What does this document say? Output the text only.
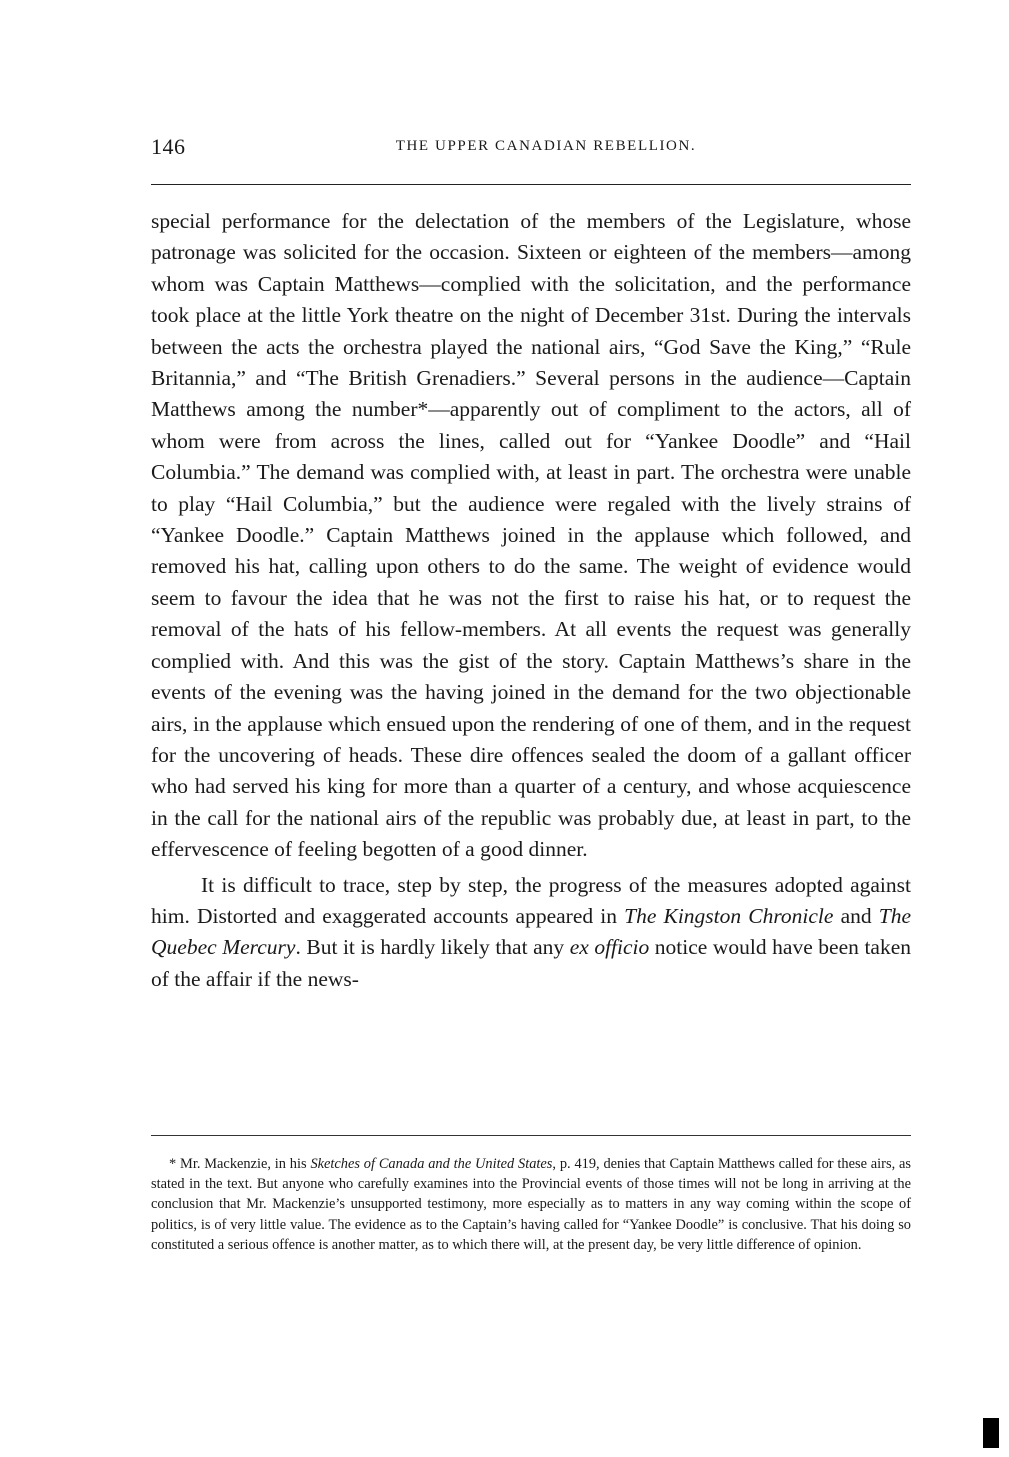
146	THE UPPER CANADIAN REBELLION.

special performance for the delectation of the members of the Legislature, whose patronage was solicited for the occasion. Sixteen or eighteen of the members—among whom was Captain Matthews—complied with the solicitation, and the performance took place at the little York theatre on the night of December 31st. During the intervals between the acts the orchestra played the national airs, “God Save the King,” “Rule Britannia,” and “The British Grenadiers.” Several persons in the audience—Captain Matthews among the number*—apparently out of compliment to the actors, all of whom were from across the lines, called out for “Yankee Doodle” and “Hail Columbia.” The demand was complied with, at least in part. The orchestra were unable to play “Hail Columbia,” but the audience were regaled with the lively strains of “Yankee Doodle.” Captain Matthews joined in the applause which followed, and removed his hat, calling upon others to do the same. The weight of evidence would seem to favour the idea that he was not the first to raise his hat, or to request the removal of the hats of his fellow-members. At all events the request was generally complied with. And this was the gist of the story. Captain Matthews’s share in the events of the evening was the having joined in the demand for the two objectionable airs, in the applause which ensued upon the rendering of one of them, and in the request for the uncovering of heads. These dire offences sealed the doom of a gallant officer who had served his king for more than a quarter of a century, and whose acquiescence in the call for the national airs of the republic was probably due, at least in part, to the effervescence of feeling begotten of a good dinner.

It is difficult to trace, step by step, the progress of the measures adopted against him. Distorted and exaggerated accounts appeared in The Kingston Chronicle and The Quebec Mercury. But it is hardly likely that any ex officio notice would have been taken of the affair if the news-

* Mr. Mackenzie, in his Sketches of Canada and the United States, p. 419, denies that Captain Matthews called for these airs, as stated in the text. But anyone who carefully examines into the Provincial events of those times will not be long in arriving at the conclusion that Mr. Mackenzie’s unsupported testimony, more especially as to matters in any way coming within the scope of politics, is of very little value. The evidence as to the Captain’s having called for “Yankee Doodle” is conclusive. That his doing so constituted a serious offence is another matter, as to which there will, at the present day, be very little difference of opinion.
